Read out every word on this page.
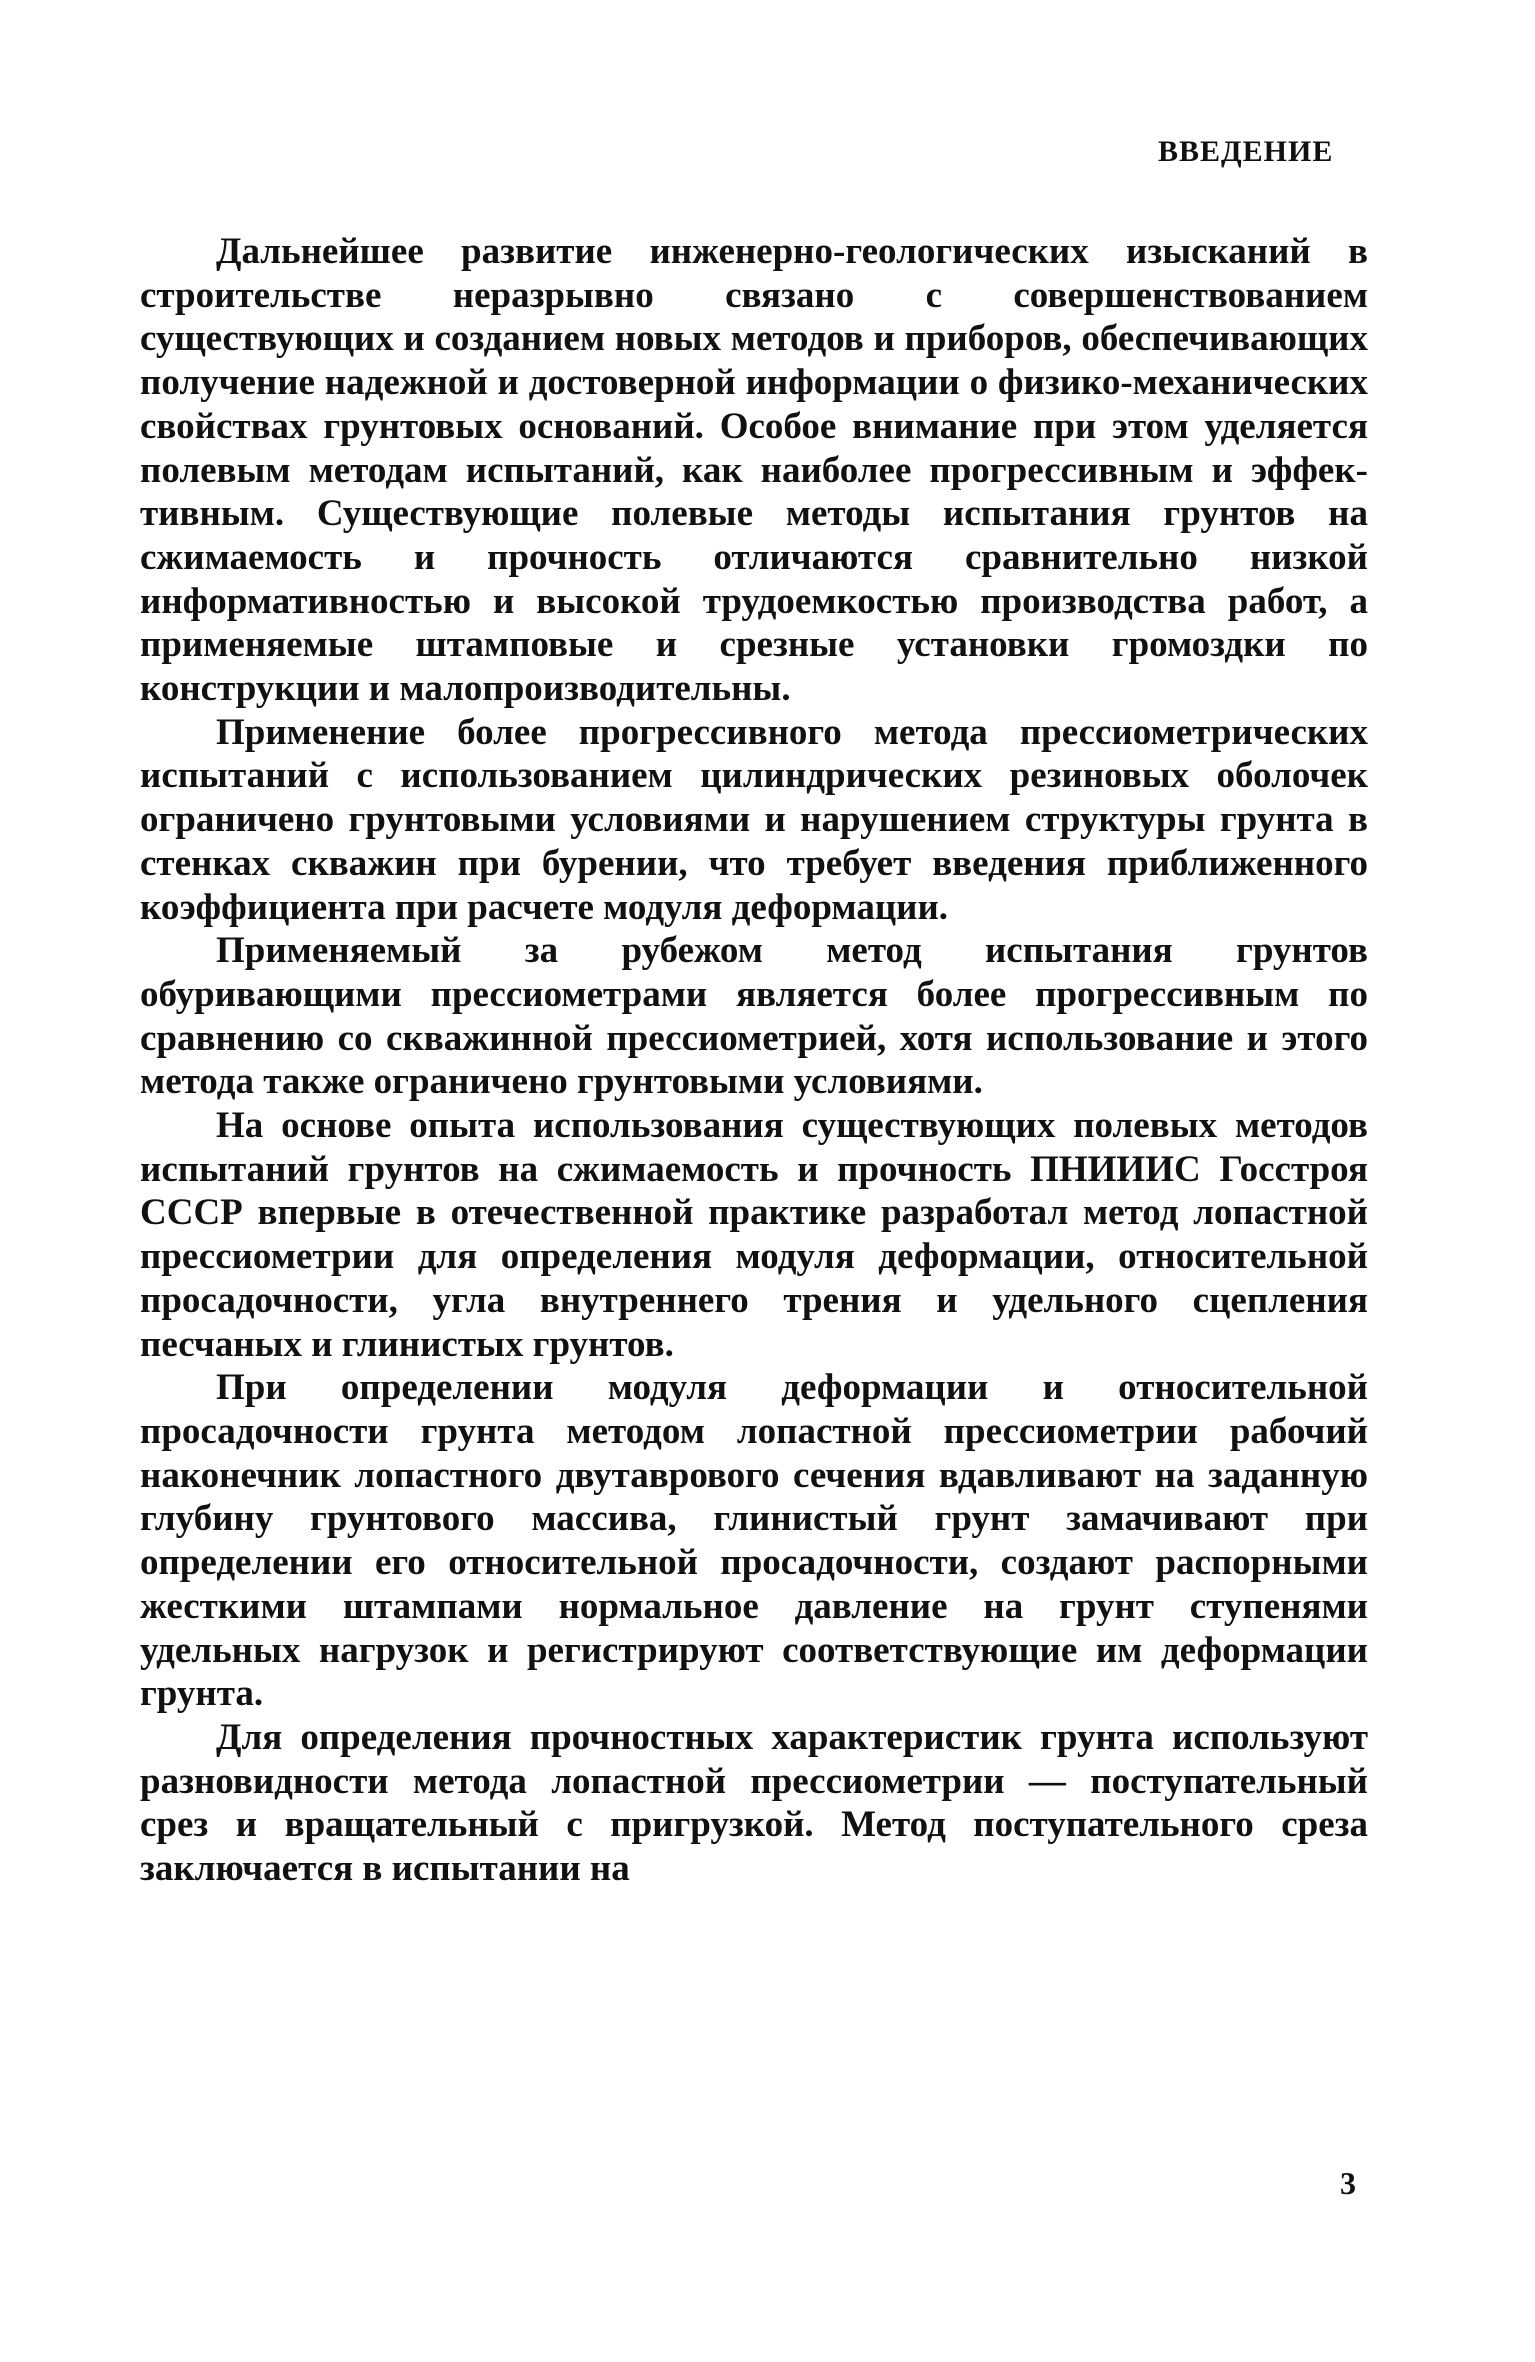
ВВЕДЕНИЕ

Дальнейшее развитие инженерно-геологических изысканий в строительстве неразрывно связано с совершенствованием существующих и созданием новых методов и приборов, обеспечивающих получение надежной и достоверной информации о физико-механических свойствах грунтовых оснований. Особое внимание при этом уделяется полевым методам испытаний, как наиболее прогрессивным и эффективным. Существующие полевые методы испытания грунтов на сжимаемость и прочность отличаются сравнительно низкой информативностью и высокой трудоемкостью производства работ, а применяемые штамповые и срезные установки громоздки по конструкции и малопроизводительны.

Применение более прогрессивного метода прессиометрических испытаний с использованием цилиндрических резиновых оболочек ограничено грунтовыми условиями и нарушением структуры грунта в стенках скважин при бурении, что требует введения приближенного коэффициента при расчете модуля деформации.

Применяемый за рубежом метод испытания грунтов обуривающими прессиометрами является более прогрессивным по сравнению со скважинной прессиометрией, хотя использование и этого метода также ограничено грунтовыми условиями.

На основе опыта использования существующих полевых методов испытаний грунтов на сжимаемость и прочность ПНИИИС Госстроя СССР впервые в отечественной практике разработал метод лопастной прессиометрии для определения модуля деформации, относительной просадочности, угла внутреннего трения и удельного сцепления песчаных и глинистых грунтов.

При определении модуля деформации и относительной просадочности грунта методом лопастной прессиометрии рабочий наконечник лопастного двутаврового сечения вдавливают на заданную глубину грунтового массива, глинистый грунт замачивают при определении его относительной просадочности, создают распорными жесткими штампами нормальное давление на грунт ступенями удельных нагрузок и регистрируют соответствующие им деформации грунта.

Для определения прочностных характеристик грунта используют разновидности метода лопастной прессиометрии — поступательный срез и вращательный с пригрузкой. Метод поступательного среза заключается в испытании на

3
